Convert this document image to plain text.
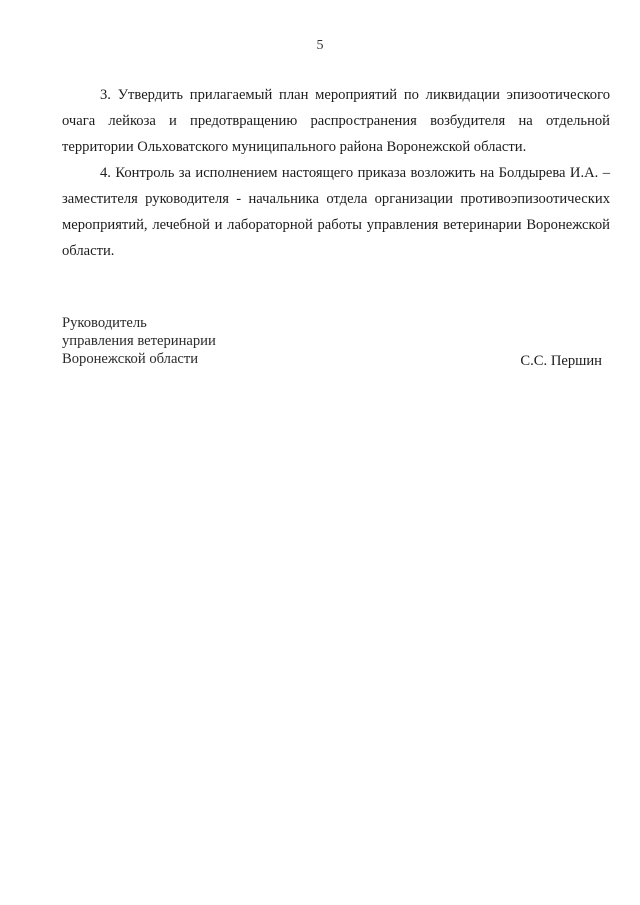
5

3. Утвердить прилагаемый план мероприятий по ликвидации эпизоотического очага лейкоза и предотвращению распространения возбудителя на отдельной территории Ольховатского муниципального района Воронежской области.

4. Контроль за исполнением настоящего приказа возложить на Болдырева И.А. – заместителя руководителя - начальника отдела организации противоэпизоотических мероприятий, лечебной и лабораторной работы управления ветеринарии Воронежской области.

Руководитель
управления ветеринарии
Воронежской области	С.С. Першин
